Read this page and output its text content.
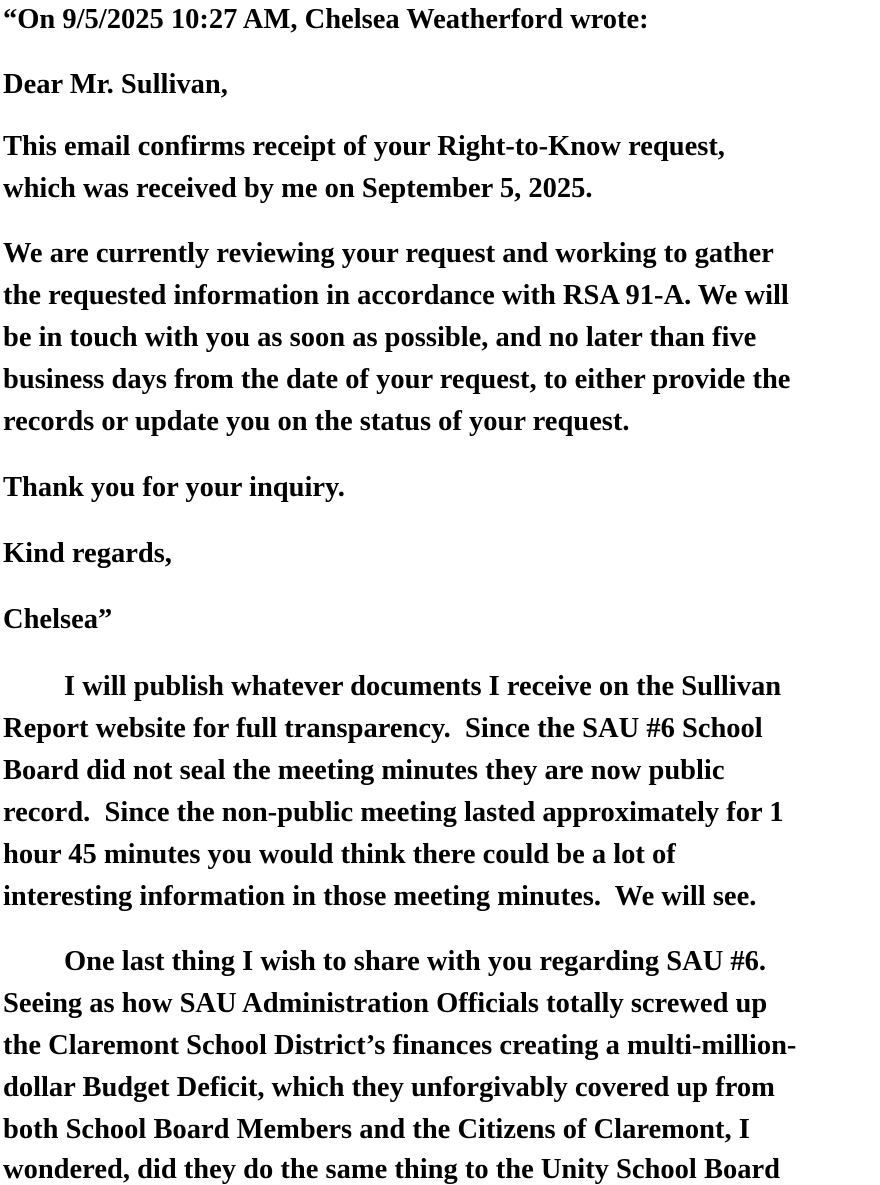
“On 9/5/2025 10:27 AM, Chelsea Weatherford wrote:
Dear Mr. Sullivan,
This email confirms receipt of your Right-to-Know request,
which was received by me on September 5, 2025.
We are currently reviewing your request and working to gather
the requested information in accordance with RSA 91-A. We will
be in touch with you as soon as possible, and no later than five
business days from the date of your request, to either provide the
records or update you on the status of your request.
Thank you for your inquiry.
Kind regards,
Chelsea”
I will publish whatever documents I receive on the Sullivan
Report website for full transparency.  Since the SAU #6 School
Board did not seal the meeting minutes they are now public
record.  Since the non-public meeting lasted approximately for 1
hour 45 minutes you would think there could be a lot of
interesting information in those meeting minutes.  We will see.
One last thing I wish to share with you regarding SAU #6.
Seeing as how SAU Administration Officials totally screwed up
the Claremont School District’s finances creating a multi-million-
dollar Budget Deficit, which they unforgivably covered up from
both School Board Members and the Citizens of Claremont, I
wondered, did they do the same thing to the Unity School Board
